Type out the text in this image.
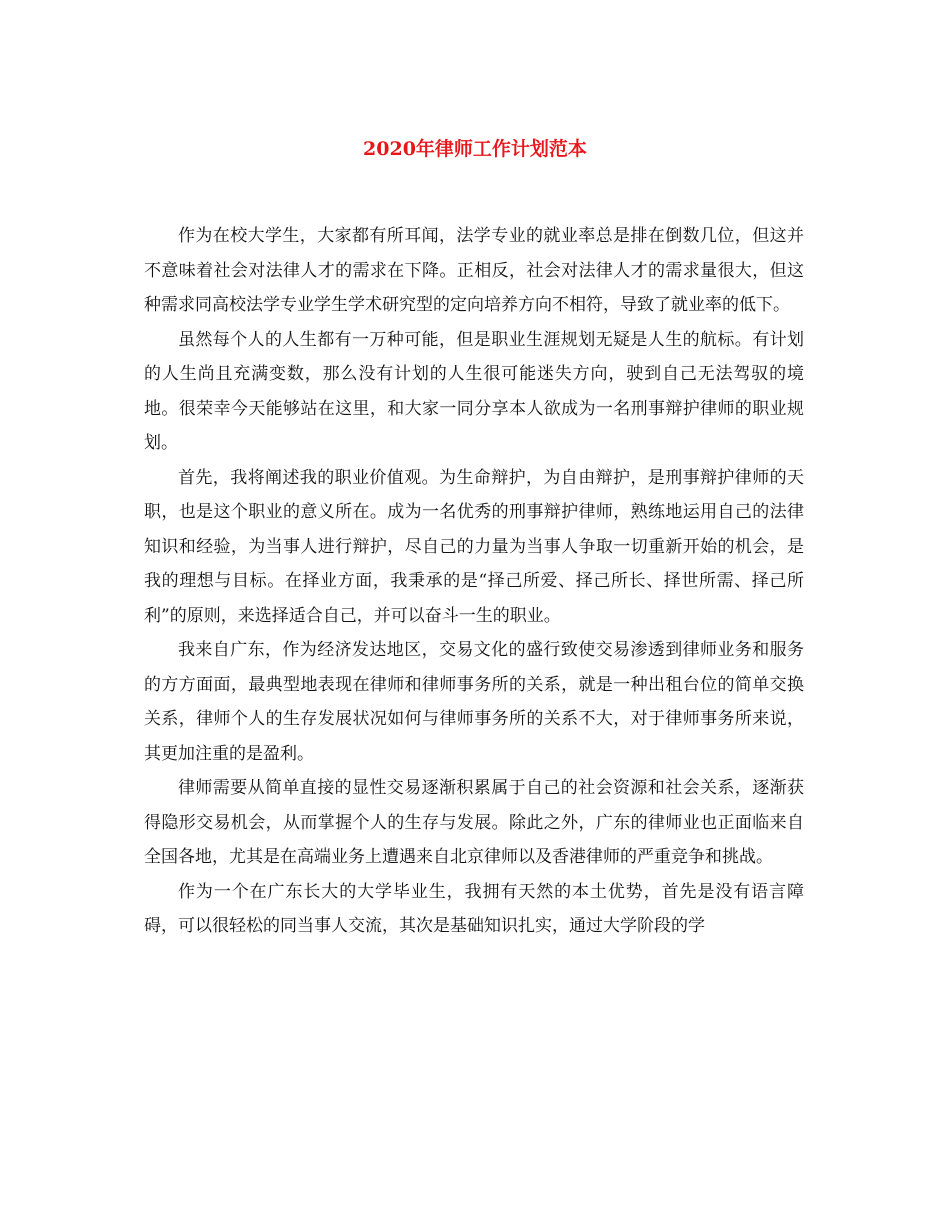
2020年律师工作计划范本

作为在校大学生，大家都有所耳闻，法学专业的就业率总是排在倒数几位，但这并不意味着社会对法律人才的需求在下降。正相反，社会对法律人才的需求量很大，但这种需求同高校法学专业学生学术研究型的定向培养方向不相符，导致了就业率的低下。

虽然每个人的人生都有一万种可能，但是职业生涯规划无疑是人生的航标。有计划的人生尚且充满变数，那么没有计划的人生很可能迷失方向，驶到自己无法驾驭的境地。很荣幸今天能够站在这里，和大家一同分享本人欲成为一名刑事辩护律师的职业规划。

首先，我将阐述我的职业价值观。为生命辩护，为自由辩护，是刑事辩护律师的天职，也是这个职业的意义所在。成为一名优秀的刑事辩护律师，熟练地运用自己的法律知识和经验，为当事人进行辩护，尽自己的力量为当事人争取一切重新开始的机会，是我的理想与目标。在择业方面，我秉承的是“择己所爱、择己所长、择世所需、择己所利”的原则，来选择适合自己，并可以奋斗一生的职业。

我来自广东，作为经济发达地区，交易文化的盛行致使交易渗透到律师业务和服务的方方面面，最典型地表现在律师和律师事务所的关系，就是一种出租台位的简单交换关系，律师个人的生存发展状况如何与律师事务所的关系不大，对于律师事务所来说，其更加注重的是盈利。

律师需要从简单直接的显性交易逐渐积累属于自己的社会资源和社会关系，逐渐获得隐形交易机会，从而掌握个人的生存与发展。除此之外，广东的律师业也正面临来自全国各地，尤其是在高端业务上遭遇来自北京律师以及香港律师的严重竞争和挑战。

作为一个在广东长大的大学毕业生，我拥有天然的本土优势，首先是没有语言障碍，可以很轻松的同当事人交流，其次是基础知识扎实，通过大学阶段的学
